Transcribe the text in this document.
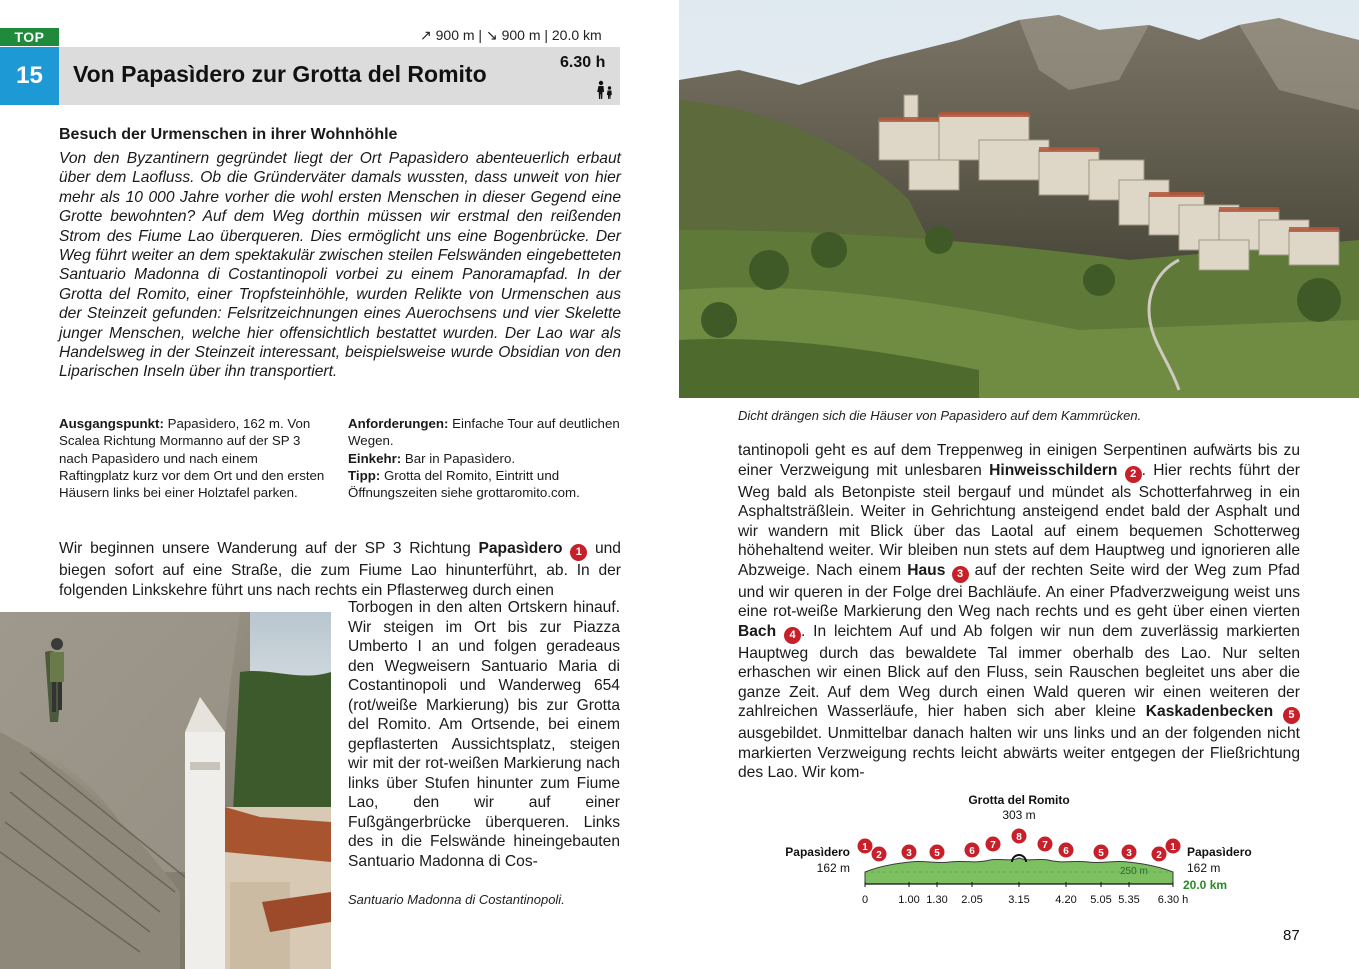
TOP
15	Von Papasìdero zur Grotta del Romito
↗ 900 m | ↘ 900 m | 20.0 km
6.30 h
Besuch der Urmenschen in ihrer Wohnhöhle
Von den Byzantinern gegründet liegt der Ort Papasìdero abenteuerlich erbaut über dem Laofluss. Ob die Gründerväter damals wussten, dass unweit von hier mehr als 10 000 Jahre vorher die wohl ersten Menschen in dieser Gegend eine Grotte bewohnten? Auf dem Weg dorthin müssen wir erstmal den reißenden Strom des Fiume Lao überqueren. Dies ermöglicht uns eine Bogenbrücke. Der Weg führt weiter an dem spektakulär zwischen steilen Felswänden eingebetteten Santuario Madonna di Costantinopoli vorbei zu einem Panoramapfad. In der Grotta del Romito, einer Tropfsteinhöhle, wurden Relikte von Urmenschen aus der Steinzeit gefunden: Felsritzeichnungen eines Auerochsens und vier Skelette junger Menschen, welche hier offensichtlich bestattet wurden. Der Lao war als Handelsweg in der Steinzeit interessant, beispielsweise wurde Obsidian von den Liparischen Inseln über ihn transportiert.
Ausgangspunkt: Papasìdero, 162 m. Von Scalea Richtung Mormanno auf der SP 3 nach Papasìdero und nach einem Raftingplatz kurz vor dem Ort und den ersten Häusern links bei einer Holztafel parken.
Anforderungen: Einfache Tour auf deutlichen Wegen.
Einkehr: Bar in Papasìdero.
Tipp: Grotta del Romito, Eintritt und Öffnungszeiten siehe grottaromito.com.
Wir beginnen unsere Wanderung auf der SP 3 Richtung Papasìdero 1 und biegen sofort auf eine Straße, die zum Fiume Lao hinunterführt, ab. In der folgenden Linkskehre führt uns nach rechts ein Pflasterweg durch einen
Torbogen in den alten Ortskern hinauf. Wir steigen im Ort bis zur Piazza Umberto I an und folgen geradeaus den Wegweisern Santuario Maria di Costantinopoli und Wanderweg 654 (rot/weiße Markierung) bis zur Grotta del Romito. Am Ortsende, bei einem gepflasterten Aussichtsplatz, steigen wir mit der rot-weißen Markierung nach links über Stufen hinunter zum Fiume Lao, den wir auf einer Fußgängerbrücke überqueren. Links des in die Felswände hineingebauten Santuario Madonna di Cos-
Santuario Madonna di Costantinopoli.
Dicht drängen sich die Häuser von Papasìdero auf dem Kammrücken.
tantinopoli geht es auf dem Treppenweg in einigen Serpentinen aufwärts bis zu einer Verzweigung mit unlesbaren Hinweisschildern 2 . Hier rechts führt der Weg bald als Betonpiste steil bergauf und mündet als Schotterfahrweg in ein Asphaltsträßlein. Weiter in Gehrichtung ansteigend endet bald der Asphalt und wir wandern mit Blick über das Laotal auf einem bequemen Schotterweg höhehaltend weiter. Wir bleiben nun stets auf dem Hauptweg und ignorieren alle Abzweige. Nach einem Haus 3 auf der rechten Seite wird der Weg zum Pfad und wir queren in der Folge drei Bachläufe. An einer Pfadverzweigung weist uns eine rot-weiße Markierung den Weg nach rechts und es geht über einen vierten Bach 4 . In leichtem Auf und Ab folgen wir nun dem zuverlässig markierten Hauptweg durch das bewaldete Tal immer oberhalb des Lao. Nur selten erhaschen wir einen Blick auf den Fluss, sein Rauschen begleitet uns aber die ganze Zeit. Auf dem Weg durch einen Wald queren wir einen weiteren der zahlreichen Wasserläufe, hier haben sich aber kleine Kaskadenbecken 5 ausgebildet. Unmittelbar danach halten wir uns links und an der folgenden nicht markierten Verzweigung rechts leicht abwärts weiter entgegen der Fließrichtung des Lao. Wir kom-
Grotta del Romito
303 m
Papasìdero
162 m
Papasìdero
162 m
250 m
20.0 km
1
2 3 5	6
7
8
7
6	5 3 2
1
0	1.00 1.30 2.05 3.15 4.20 5.05 5.35 6.30 h
87
